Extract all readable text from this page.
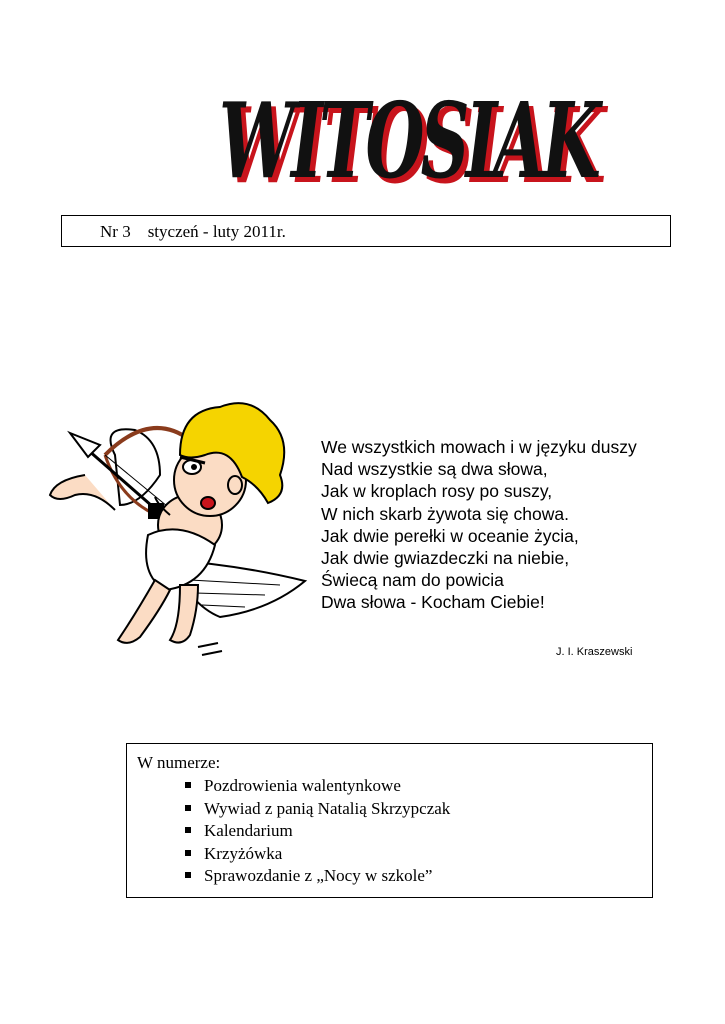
WITOSIAK
WITOSIAK
Nr 3    styczeń - luty 2011r.
We wszystkich mowach i w języku duszy
Nad wszystkie są dwa słowa,
Jak w kroplach rosy po suszy,
W nich skarb żywota się chowa.
Jak dwie perełki w oceanie życia,
Jak dwie gwiazdeczki na niebie,
Świecą nam do powicia
Dwa słowa - Kocham Ciebie!
J. I. Kraszewski
W numerze:
Pozdrowienia walentynkowe
Wywiad z panią Natalią Skrzypczak
Kalendarium
Krzyżówka
Sprawozdanie z „Nocy w szkole”
